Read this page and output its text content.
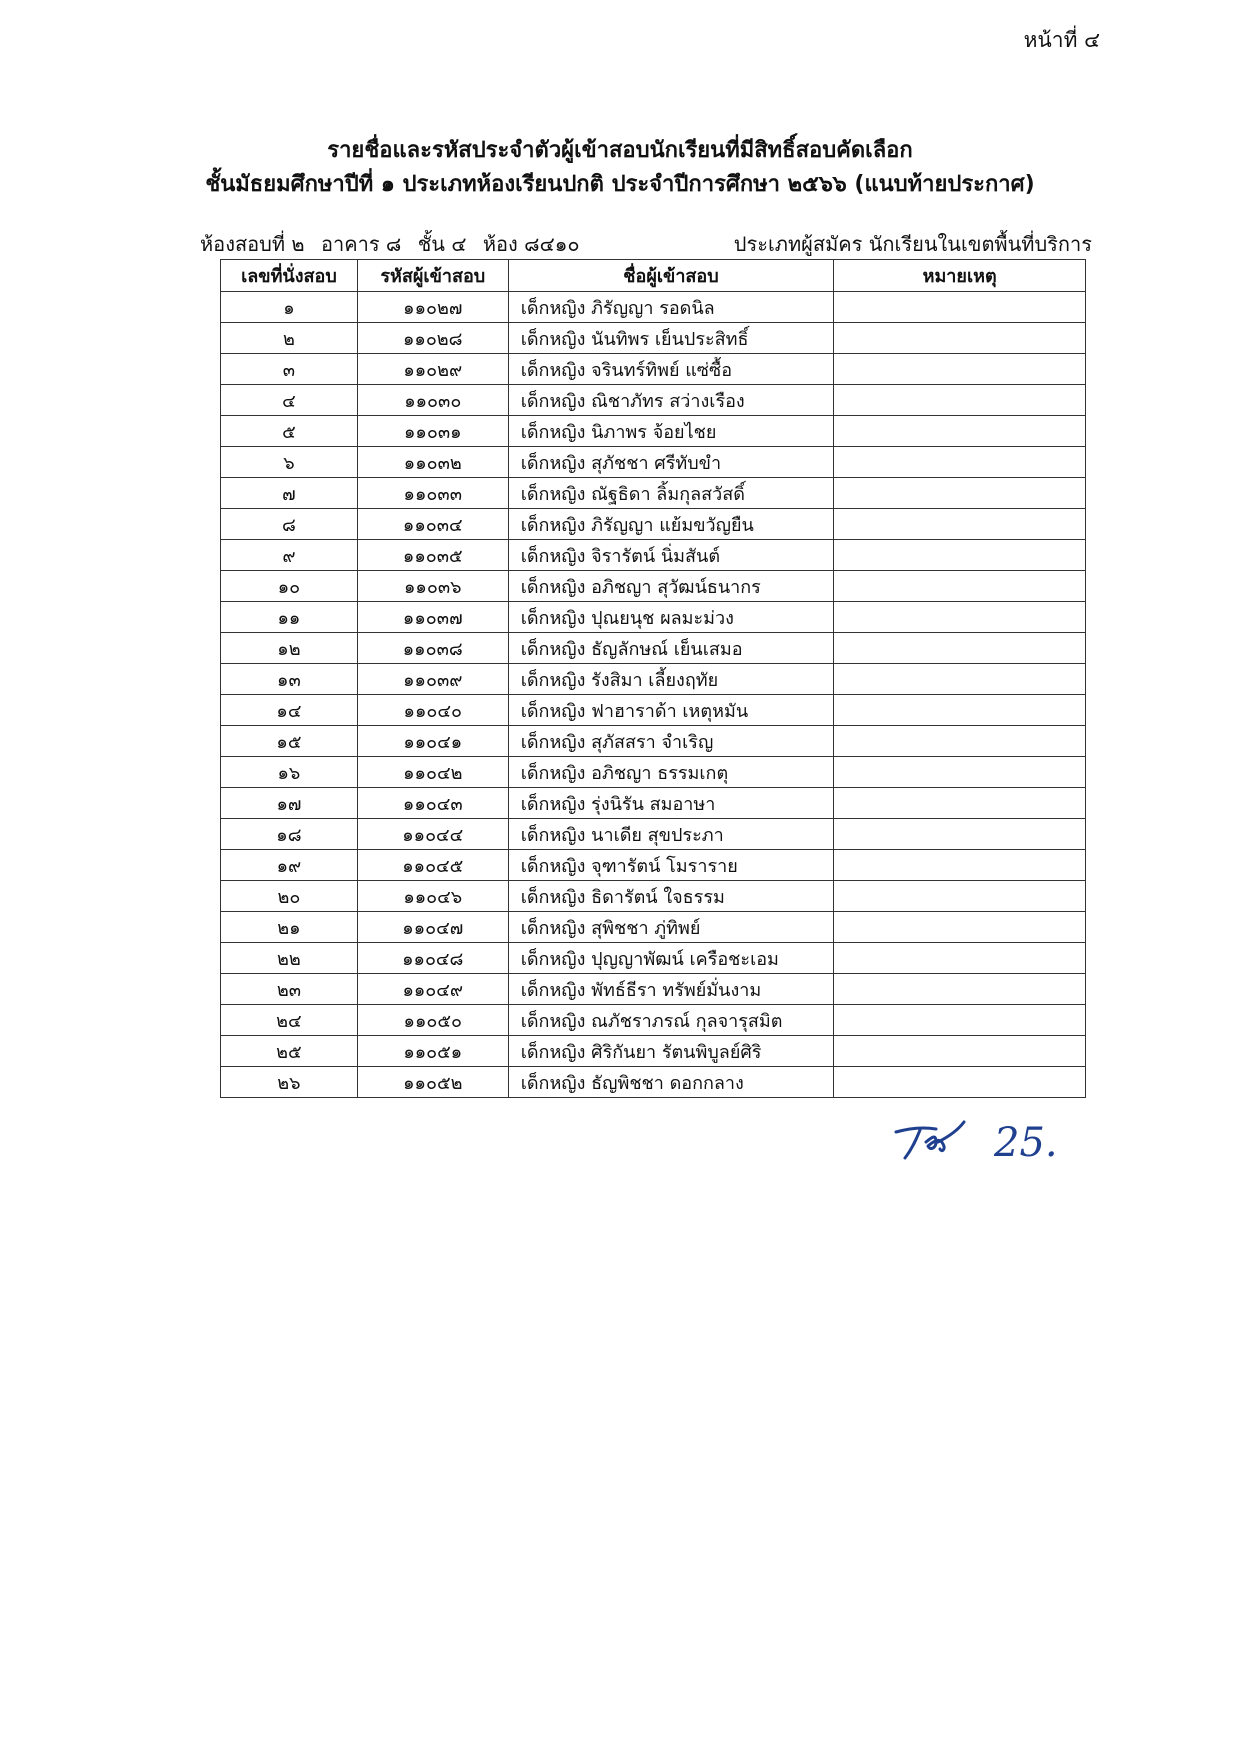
หน้าที่ ๔
รายชื่อและรหัสประจำตัวผู้เข้าสอบนักเรียนที่มีสิทธิ์สอบคัดเลือก
ชั้นมัธยมศึกษาปีที่ ๑ ประเภทห้องเรียนปกติ ประจำปีการศึกษา ๒๕๖๖ (แนบท้ายประกาศ)
ห้องสอบที่ ๒ อาคาร ๘ ชั้น ๔ ห้อง ๘๔๑๐	ประเภทผู้สมัคร นักเรียนในเขตพื้นที่บริการ
เลขที่นั่งสอบ	รหัสผู้เข้าสอบ	ชื่อผู้เข้าสอบ	หมายเหตุ
๑	๑๑๐๒๗	เด็กหญิง ภิรัญญา รอดนิล	
๒	๑๑๐๒๘	เด็กหญิง นันทิพร เย็นประสิทธิ์	
๓	๑๑๐๒๙	เด็กหญิง จรินทร์ทิพย์ แซ่ซื้อ	
๔	๑๑๐๓๐	เด็กหญิง ณิชาภัทร สว่างเรือง	
๕	๑๑๐๓๑	เด็กหญิง นิภาพร จ้อยไชย	
๖	๑๑๐๓๒	เด็กหญิง สุภัชชา ศรีทับขำ	
๗	๑๑๐๓๓	เด็กหญิง ณัฐธิดา ลิ้มกุลสวัสดิ์	
๘	๑๑๐๓๔	เด็กหญิง ภิรัญญา แย้มขวัญยืน	
๙	๑๑๐๓๕	เด็กหญิง จิรารัตน์ นิ่มสันต์	
๑๐	๑๑๐๓๖	เด็กหญิง อภิชญา สุวัฒน์ธนากร	
๑๑	๑๑๐๓๗	เด็กหญิง ปุณยนุช ผลมะม่วง	
๑๒	๑๑๐๓๘	เด็กหญิง ธัญลักษณ์ เย็นเสมอ	
๑๓	๑๑๐๓๙	เด็กหญิง รังสิมา เลี้ยงฤทัย	
๑๔	๑๑๐๔๐	เด็กหญิง ฟาฮาราด้า เหตุหมัน	
๑๕	๑๑๐๔๑	เด็กหญิง สุภัสสรา จำเริญ	
๑๖	๑๑๐๔๒	เด็กหญิง อภิชญา ธรรมเกตุ	
๑๗	๑๑๐๔๓	เด็กหญิง รุ่งนิรัน สมอาษา	
๑๘	๑๑๐๔๔	เด็กหญิง นาเดีย สุขประภา	
๑๙	๑๑๐๔๕	เด็กหญิง จุฑารัตน์ โมราราย	
๒๐	๑๑๐๔๖	เด็กหญิง ธิดารัตน์ ใจธรรม	
๒๑	๑๑๐๔๗	เด็กหญิง สุพิชชา ภู่ทิพย์	
๒๒	๑๑๐๔๘	เด็กหญิง ปุญญาพัฒน์ เครือชะเอม	
๒๓	๑๑๐๔๙	เด็กหญิง พัทธ์ธีรา ทรัพย์มั่นงาม	
๒๔	๑๑๐๕๐	เด็กหญิง ณภัชราภรณ์ กุลจารุสมิต	
๒๕	๑๑๐๕๑	เด็กหญิง ศิริกันยา รัตนพิบูลย์ศิริ	
๒๖	๑๑๐๕๒	เด็กหญิง ธัญพิชชา ดอกกลาง	
25.
